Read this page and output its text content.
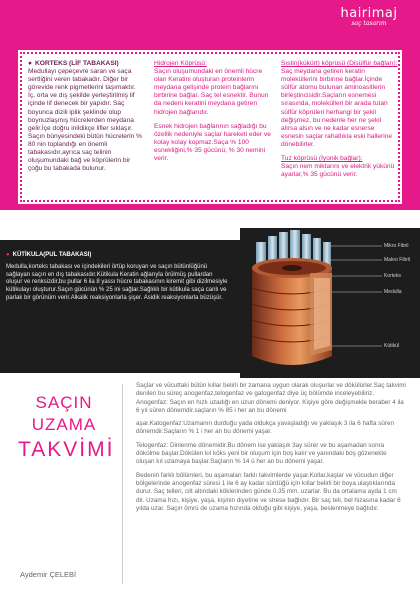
hairimaj
saç tasarım
● KORTEKS (LİF TABAKASI)
Medullayı çepeçevre saran ve saça sertliğini veren tabakadır. Diğer bir görevide renk pigmetlerini taşımaktır. İç, orta ve dış şekilde yerleştirilmiş lif içinde lif denecek bir yapıdır. Saç boyunca dizili iplik şeklinde olup boynuzlaşmış hücrelerden meydana gelir.İçe doğru inildikçe lifler sıklaşır.
Saçın bünyesindeki bütün hücrelerin % 80 nin toplandığı en önemli tabakasıdır,ayrıca saç telinin oluşumundaki bağ ve köprülerin bir çoğu bu tabakada bulunur.
Hidrojen Köprüsü:
Saçın oluşumundaki en önemli hücre olan Keratini oluşturan proteinlerin meydana gelişinde protein bağlarını birbirine bağlar. Saç tel esnektir. Bunun da nedeni keratini meydana getiren hidrojen bağlarıdır.
Esnek hidrojen bağlarının sağladığı bu özellik nedeniyle saçlar hareketi eder ve kolay kolay kopmaz.Saça % 100 esnekliğini,% 35 gücünü, % 30 nemini verir.
Sıstin(kükürt) köprüsü (Disülfür bağları): Saç meydana getiren keratin moleküllerini birbirine bağlar.İçinde sülfür atomu bulunan aminoasitlerin birleştincisidir.Saçların esnemesi sırasında, molekülleri bir arada tutan sülfür köprüleri herhangi bir şekil değişmez, bu nedenle her ne şekil alırsa alsın ve ne kadar esnerse esnesin saçlar rahatlıkla eski hallerine dönebilirler.
Tuz köprüsü (İyonik bağlar):
Saçın nem miktarını ve elektrik yükünü ayarlar,% 35 gücünü verir.
● KÜTİKULA(PUL TABAKASI)
Medulla,korteks tabakası ve içindekileri örtüp koruyan ve saçın bütünlüğünü sağlayan saçın en dış tabakasıdır.Kütikula Keratin ağlarıyla örülmüş pullardan oluşur ve renksizdir,bu pullar 6 ila 8 yassı hücre tabakasının kiremit gibi dizilmesiyle kütikulayı oluşturur.Saçın gücünün % 25 ini sağlar.Sağlıklı bir kütikula saça canlı ve parlak bir görünüm verir.Alkalik reaksiyonlarla şişer. Asidik reaksiyonlarla büzüşür.
Mikro Fibril
Makro Fibril
Korteks
Medulla
Kütikül
SAÇIN
UZAMA
TAKVİMİ
Aydemir ÇELEBİ

Saçlar ve vücuttaki bütün kıllar belirli bir zamana uygun olarak oluşurlar ve dökülürler.Saç takvimi denilen bu süreç anogenfaz,telogenfaz ve gatogenfaz diye üç bölümde inceleyebiliriz. Anogenfaz: Saçın en hızlı uzadığı en uzun dönemi deniyor. Kişiye göre değişmekle beraber 4 ila 6 yıl süren dönemdir.saçların % 85 i her an bu dönemi

aşar.Katogenfaz:Uzamanın durduğu yada oldukça yavaşladığı ve yaklaşık 3 ila 6 hafta süren dönemdir.Saçların % 1 i her an bu dönemi yaşar.

Telogenfaz: Dinlenme dönemidir.Bu dönem ise yaklaşık 3ay sürer ve bu aşamadan sonra dökülme başlar.Dökülen kıl köks yeni bir oluşum için boş kalır ve yanındaki boş gözenekte oluşan kıl uzamaya başlar.Saçların % 14 ü her an bu dönemi yaşar.

Bedenin farklı bölümleri, bu aşamaları farklı takvimlerde yaşar.Kollar,kaşlar ve vücudun diğer bölgelerinde anogenfaz süresi 1 ile 6 ay kadar sürdüğü için kıllar belirli bir boya ulaştıklarında durur. Saç telleri, cilt altındaki köklerinden günde 0.35 mm. uzarlar. Bu da ortalama ayda 1 cm dir. Uzama hızı, kişiye, yaşa, kişinin diyetine ve strese bağlıdır. Bir saç teli, bel hizasına kadar 6 yılda uzar. Saçın ömrü de uzama hızında olduğu gibi kişiye, yaşa, beslenmeye bağlıdır.
